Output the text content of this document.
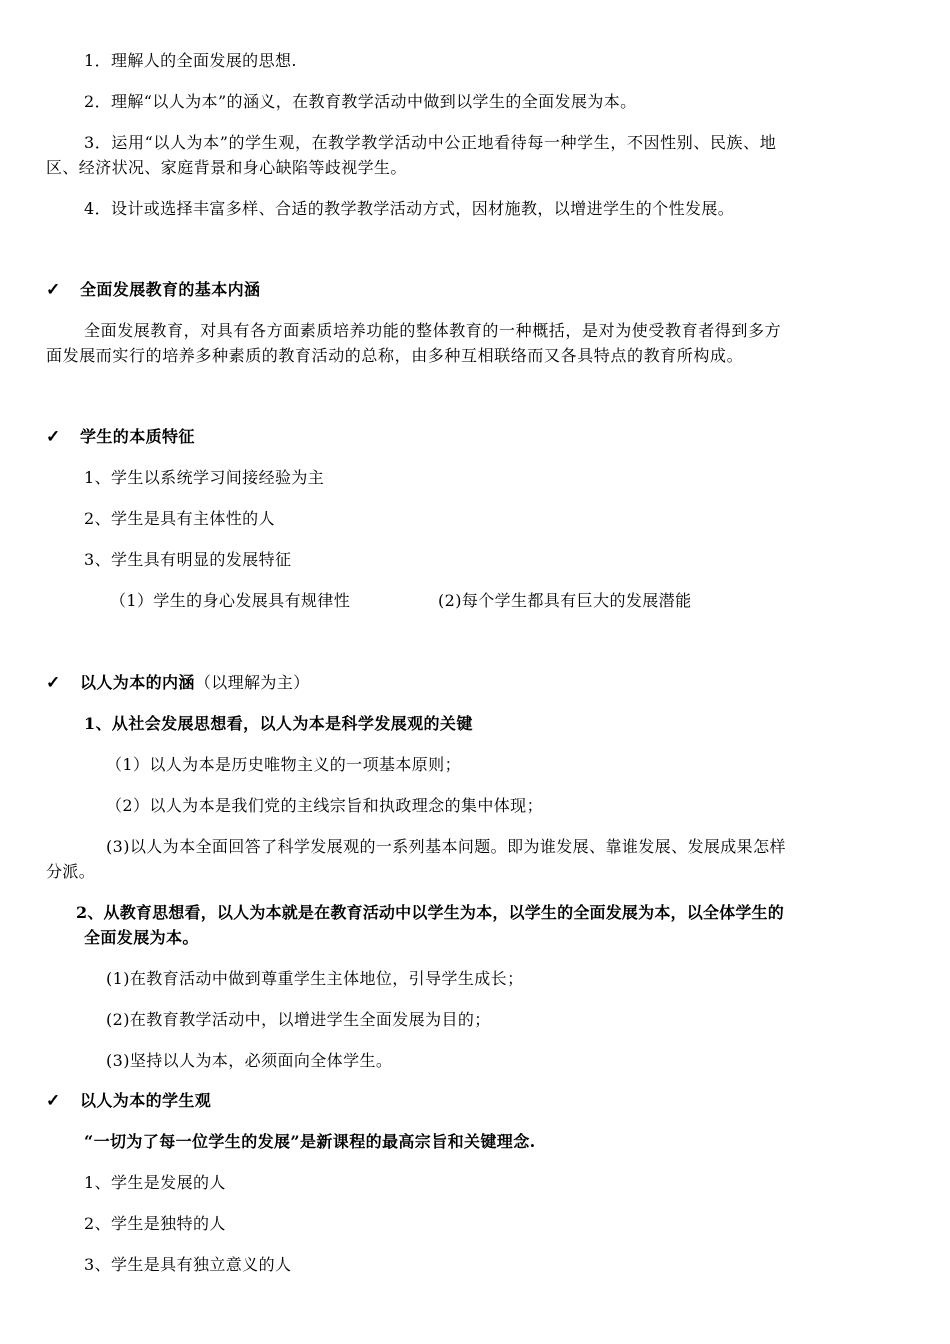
1．理解人的全面发展的思想.
2．理解“以人为本”的涵义，在教育教学活动中做到以学生的全面发展为本。
3．运用“以人为本”的学生观，在教学教学活动中公正地看待每一种学生，不因性别、民族、地
区、经济状况、家庭背景和身心缺陷等歧视学生。
4．设计或选择丰富多样、合适的教学教学活动方式，因材施教，以增进学生的个性发展。
✓ 全面发展教育的基本内涵
全面发展教育，对具有各方面素质培养功能的整体教育的一种概括，是对为使受教育者得到多方
面发展而实行的培养多种素质的教育活动的总称，由多种互相联络而又各具特点的教育所构成。
✓ 学生的本质特征
1、学生以系统学习间接经验为主
2、学生是具有主体性的人
3、学生具有明显的发展特征
（1）学生的身心发展具有规律性	(2)每个学生都具有巨大的发展潜能
✓ 以人为本的内涵（以理解为主）
1、从社会发展思想看，以人为本是科学发展观的关键
（1）以人为本是历史唯物主义的一项基本原则；
（2）以人为本是我们党的主线宗旨和执政理念的集中体现；
(3)以人为本全面回答了科学发展观的一系列基本问题。即为谁发展、靠谁发展、发展成果怎样
分派。
2、从教育思想看，以人为本就是在教育活动中以学生为本，以学生的全面发展为本，以全体学生的
全面发展为本。
(1)在教育活动中做到尊重学生主体地位，引导学生成长；
(2)在教育教学活动中，以增进学生全面发展为目的；
(3)坚持以人为本，必须面向全体学生。
✓ 以人为本的学生观
“一切为了每一位学生的发展”是新课程的最高宗旨和关键理念.
1、学生是发展的人
2、学生是独特的人
3、学生是具有独立意义的人
